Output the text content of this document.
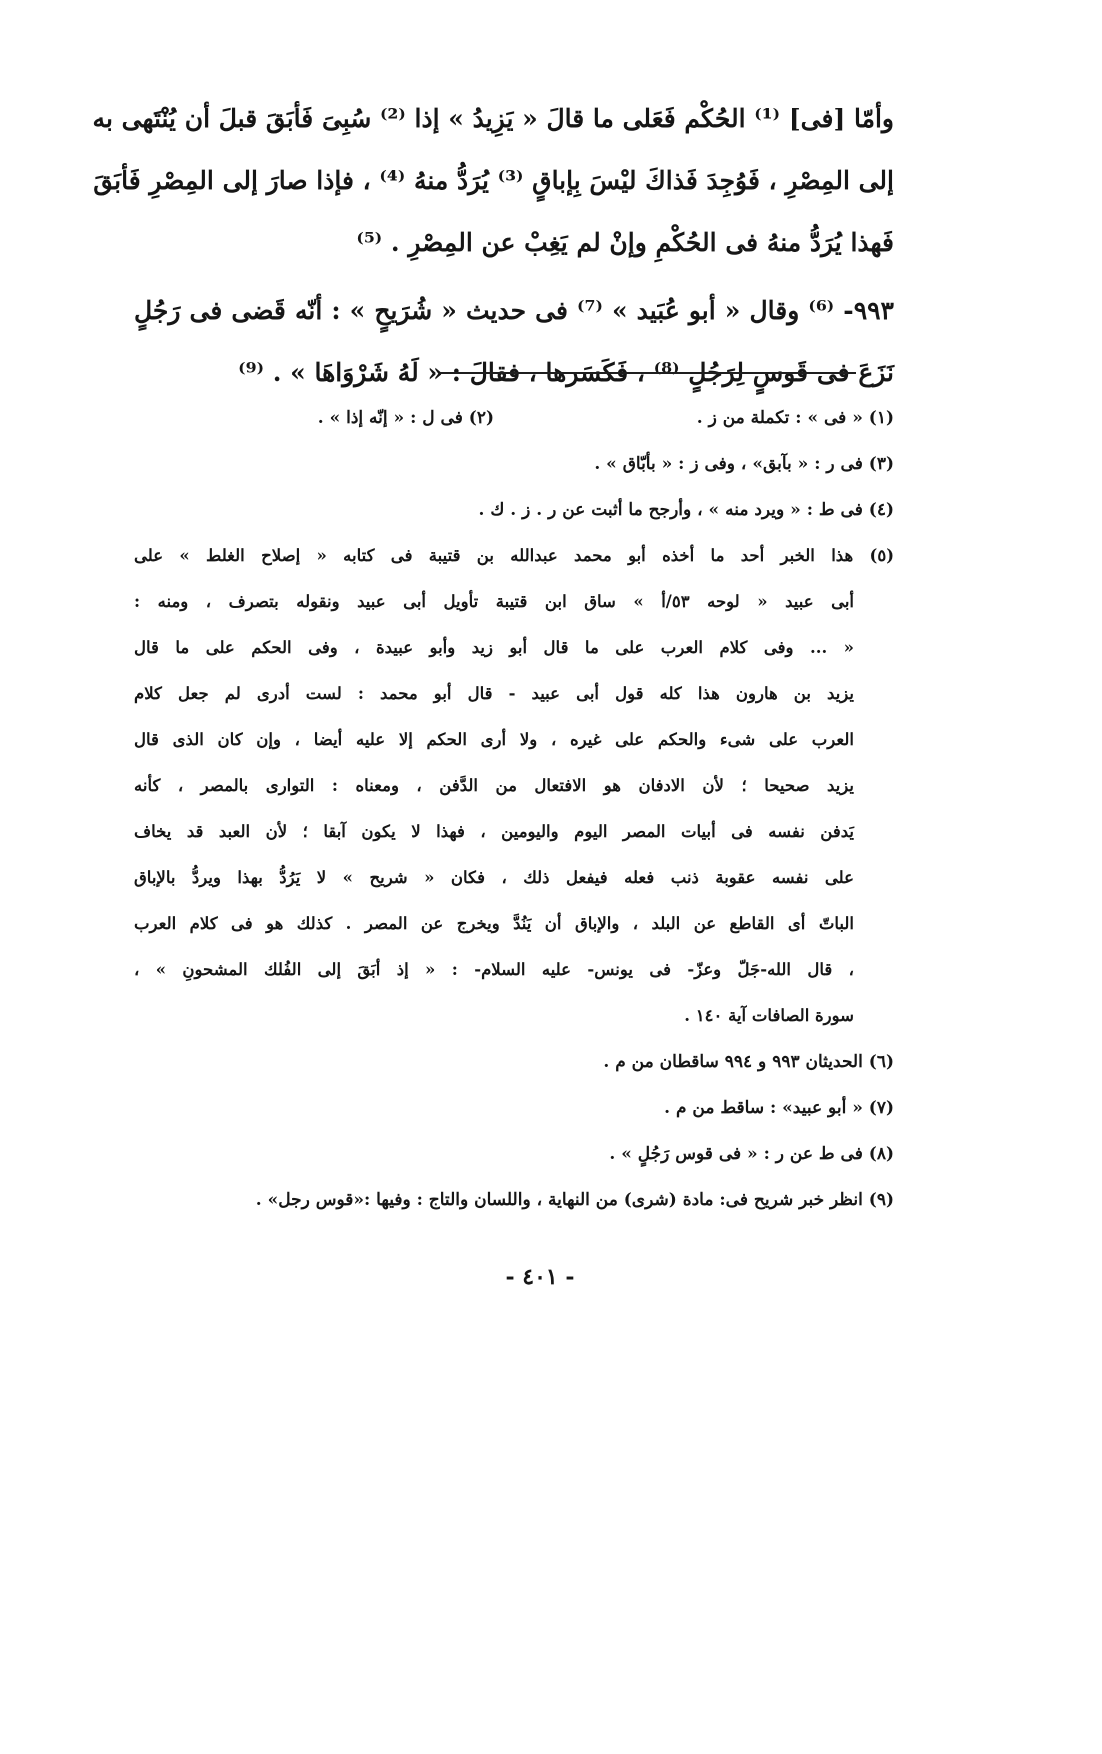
وأمّا [فى] ⁽¹⁾ الحُكْم فَعَلى ما قالَ « يَزِيدُ » إذا ⁽²⁾ سُبِىَ فَأبَقَ قبلَ أن يُنْتَهى به
إلى المِصْرِ ، فَوُجِدَ فَذاكَ ليْسَ بِإباقٍ ⁽³⁾ يُرَدُّ منهُ ⁽⁴⁾ ، فإذا صارَ إلى المِصْرِ فَأبَقَ
فَهذا يُرَدُّ منهُ فى الحُكْمِ وإنْ لم يَغِبْ عن المِصْرِ . ⁽⁵⁾
٩٩٣- ⁽⁶⁾ وقال « أبو عُبَيد » ⁽⁷⁾ فى حديث « شُرَيحٍ » : أنّه قَضى فى رَجُلٍ
نَزَعَ فى قَوسٍ لِرَجُلٍ ⁽⁸⁾ ، فَكَسَرها ، فقالَ : « لَهُ شَرْوَاهَا » . ⁽⁹⁾
(١) « فى » : تكملة من ز .
(٢) فى ل : « إنّه إذا » .
(٣) فى ر : « بآبق» ، وفى ز : « بأبّاق » .
(٤) فى ط : « ويرد منه » ، وأرجح ما أثبت عن ر . ز . ك .
(٥) هذا الخبر أحد ما أخذه أبو محمد عبدالله بن قتيبة فى كتابه « إصلاح الغلط » على
أبى عبيد « لوحه ٥٣/أ » ساق ابن قتيبة تأويل أبى عبيد ونقوله بتصرف ، ومنه :
« ... وفى كلام العرب على ما قال أبو زيد وأبو عبيدة ، وفى الحكم على ما قال
يزيد بن هارون هذا كله قول أبى عبيد - قال أبو محمد : لست أدرى لم جعل كلام
العرب على شىء والحكم على غيره ، ولا أرى الحكم إلا عليه أيضا ، وإن كان الذى قال
يزيد صحيحا ؛ لأن الادفان هو الافتعال من الدَّفن ، ومعناه : التوارى بالمصر ، كأنه
يَدفن نفسه فى أبيات المصر اليوم واليومين ، فهذا لا يكون آبقا ؛ لأن العبد قد يخاف
على نفسه عقوبة ذنب فعله فيفعل ذلك ، فكان « شريح » لا يَرُدُّ بهذا ويردُّ بالإباق
الباتّ أى القاطع عن البلد ، والإباق أن يَنُدَّ ويخرج عن المصر . كذلك هو فى كلام العرب
، قال الله-جَلّ وعزّ- فى يونس- عليه السلام- : « إذ أبَقَ إلى الفُلك المشحونِ » ،
سورة الصافات آية ١٤٠ .
(٦) الحديثان ٩٩٣ و ٩٩٤ ساقطان من م .
(٧) « أبو عبيد» : ساقط من م .
(٨) فى ط عن ر : « فى قوس رَجُلٍ » .
(٩) انظر خبر شريح فى: مادة (شرى) من النهاية ، واللسان والتاج : وفيها :«قوس رجل» .
- ٤٠١ -
